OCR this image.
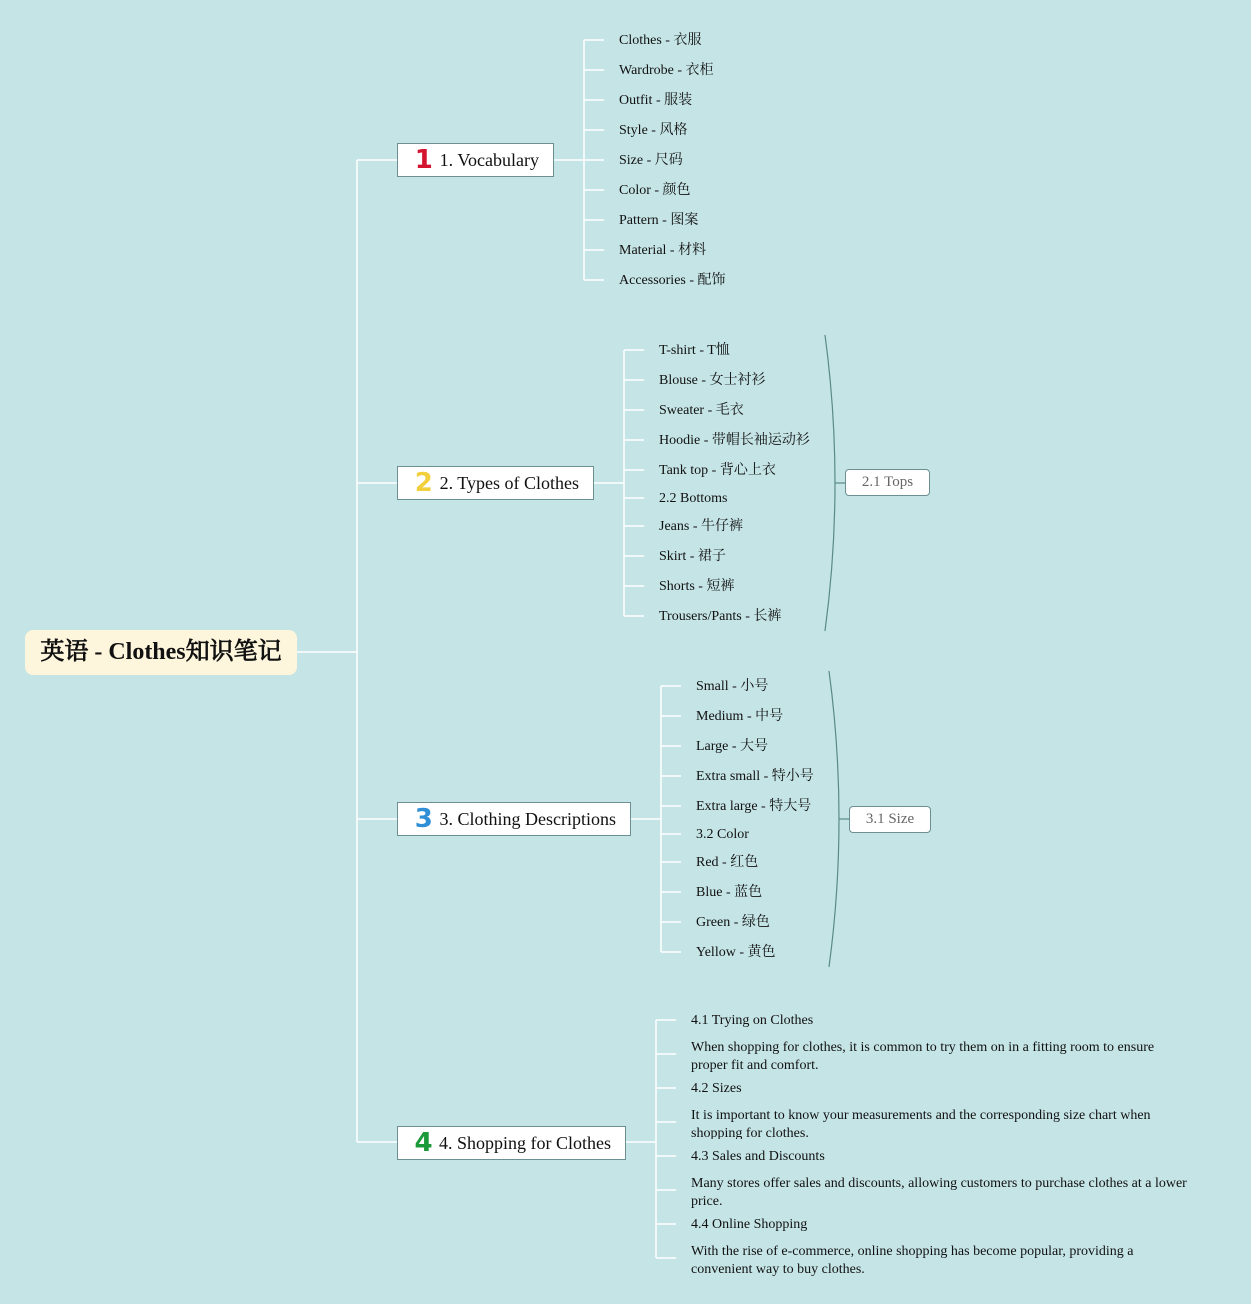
英语 - Clothes知识笔记
1 1. Vocabulary
Clothes - 衣服
Wardrobe - 衣柜
Outfit - 服装
Style - 风格
Size - 尺码
Color - 颜色
Pattern - 图案
Material - 材料
Accessories - 配饰
2 2. Types of Clothes
T-shirt - T恤
Blouse - 女士衬衫
Sweater - 毛衣
Hoodie - 带帽长袖运动衫
Tank top - 背心上衣
2.2 Bottoms
Jeans - 牛仔裤
Skirt - 裙子
Shorts - 短裤
Trousers/Pants - 长裤
2.1 Tops
3 3. Clothing Descriptions
Small - 小号
Medium - 中号
Large - 大号
Extra small - 特小号
Extra large - 特大号
3.2 Color
Red - 红色
Blue - 蓝色
Green - 绿色
Yellow - 黄色
3.1 Size
4 4. Shopping for Clothes
4.1 Trying on Clothes
When shopping for clothes, it is common to try them on in a fitting room to ensure proper fit and comfort.
4.2 Sizes
It is important to know your measurements and the corresponding size chart when shopping for clothes.
4.3 Sales and Discounts
Many stores offer sales and discounts, allowing customers to purchase clothes at a lower price.
4.4 Online Shopping
With the rise of e-commerce, online shopping has become popular, providing a convenient way to buy clothes.
